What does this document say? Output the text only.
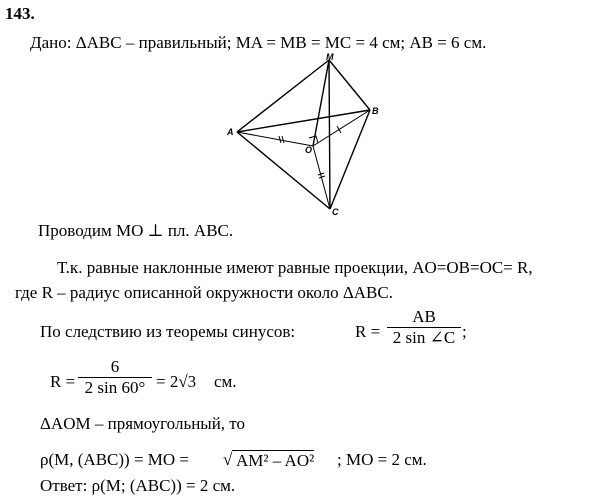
143.
Дано: ΔABC – правильный; MA = MB = MC = 4 см; AB = 6 см.
M
A
B
O
C
Проводим MO ⊥ пл. ABC.
Т.к. равные наклонные имеют равные проекции, AO=OB=OC= R,
где R – радиус описанной окружности около ΔABC.
По следствию из теоремы синусов:	$R = \frac{AB}{2 \sin \angle C}$ ;
$R = \frac{6}{2 \sin 60^\circ} = 2√3$ см.
ΔAOM – прямоугольный, то
ρ(M, (ABC)) = MO =	AM² – AO²
√	; MO = 2 см.
Ответ: ρ(M; (ABC)) = 2 см.
